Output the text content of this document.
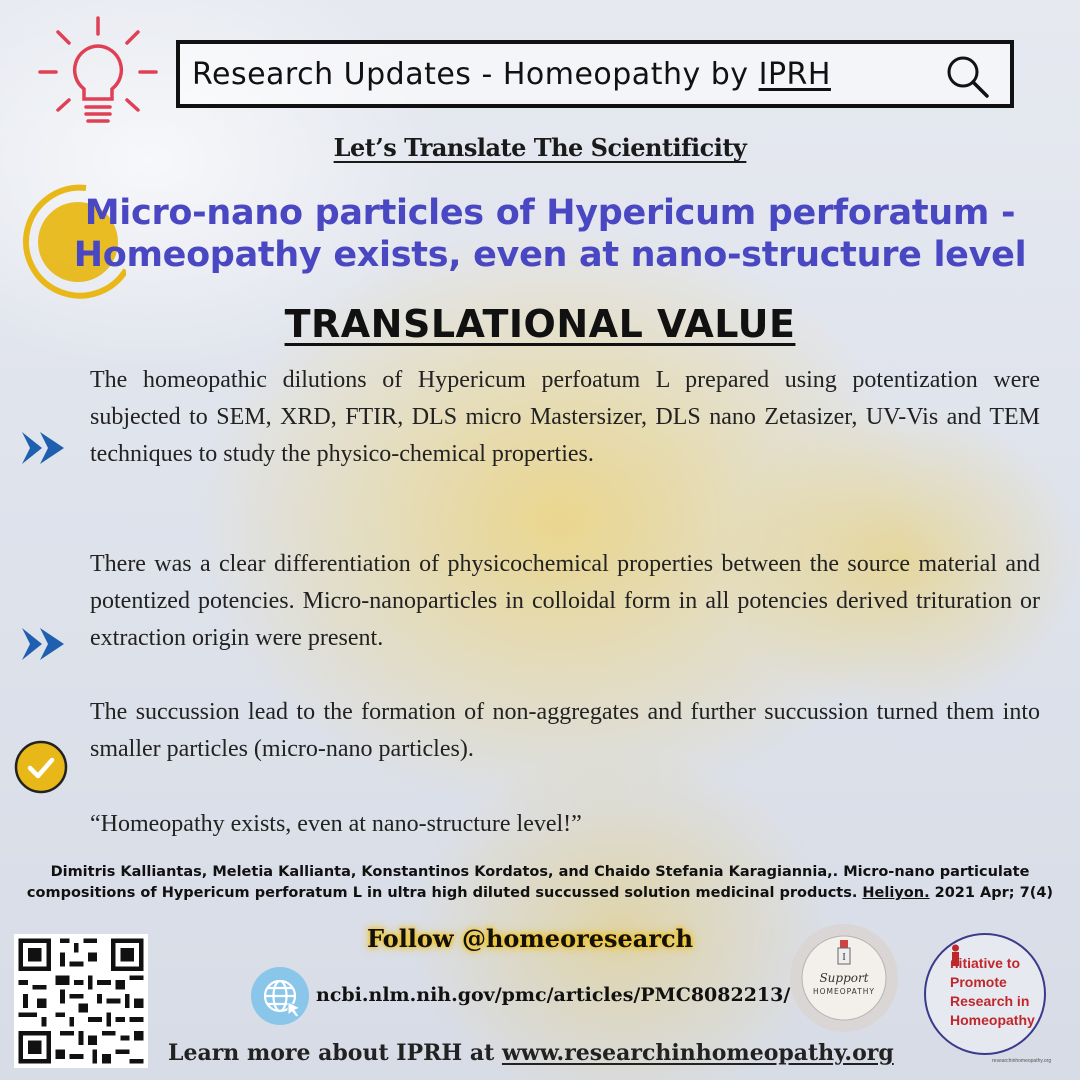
Research Updates - Homeopathy by IPRH
Let’s Translate The Scientificity
Micro-nano particles of Hypericum perforatum -
Homeopathy exists, even at nano-structure level
TRANSLATIONAL VALUE
The homeopathic dilutions of Hypericum perfoatum L prepared using potentization were subjected to SEM, XRD, FTIR, DLS micro Mastersizer, DLS nano Zetasizer, UV-Vis and TEM techniques to study the physico-chemical properties.
There was a clear differentiation of physicochemical properties between the source material and potentized potencies. Micro-nanoparticles in colloidal form in all potencies derived trituration or extraction origin were present.
The succussion lead to the formation of non-aggregates and further succussion turned them into smaller particles (micro-nano particles).
“Homeopathy exists, even at nano-structure level!”
Dimitris Kalliantas, Meletia Kallianta, Konstantinos Kordatos, and Chaido Stefania Karagiannia,. Micro-nano particulate
compositions of Hypericum perforatum L in ultra high diluted succussed solution medicinal products. Heliyon. 2021 Apr; 7(4)
Follow @homeoresearch
ncbi.nlm.nih.gov/pmc/articles/PMC8082213/
Learn more about IPRH at www.researchinhomeopathy.org
I
Support
HOMEOPATHY
nitiative to
Promote
Research in
Homeopathy
researchinhomeopathy.org
